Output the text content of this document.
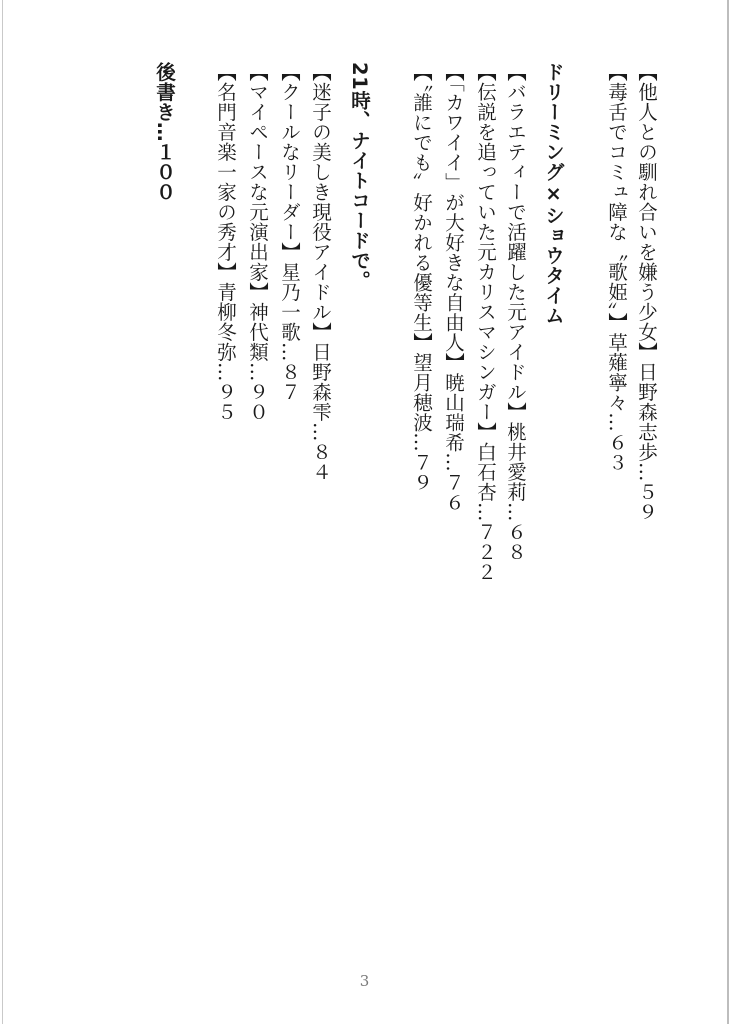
【他人との馴れ合いを嫌う少女】日野森志歩…５９
【毒舌でコミュ障な〝歌姫〟】草薙寧々…６３
ドリーミング×ショウタイム
【バラエティーで活躍した元アイドル】桃井愛莉…６８
【伝説を追っていた元カリスマシンガー】白石杏…７２２
【「カワイイ」が大好きな自由人】暁山瑞希…７６
【〝誰にでも〟好かれる優等生】望月穂波…７９
21時、ナイトコードで。
【迷子の美しき現役アイドル】日野森雫…８４
【クールなリーダー】星乃一歌…８７
【マイペースな元演出家】神代類…９０
【名門音楽一家の秀才】青柳冬弥…９５
後書き…１００
3
